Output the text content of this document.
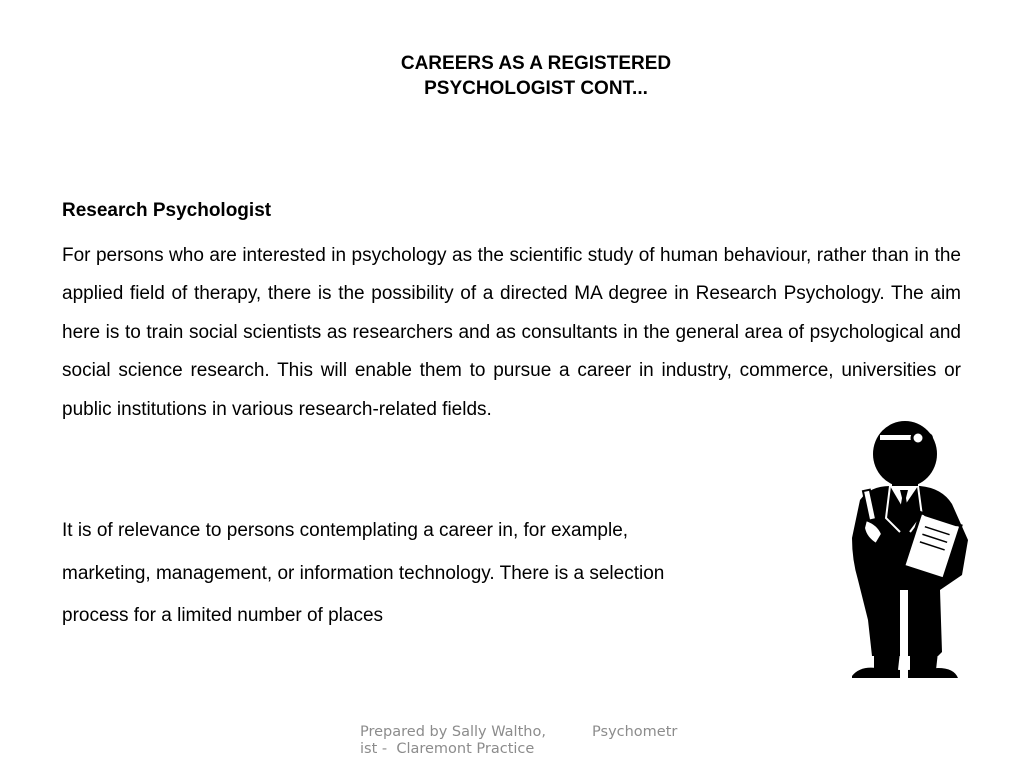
CAREERS AS A REGISTERED
PSYCHOLOGIST CONT...
Research Psychologist

For persons who are interested in psychology as the scientific study of human behaviour, rather than in the applied field of therapy, there is the possibility of a directed MA degree in Research Psychology. The aim here is to train social scientists as researchers and as consultants in the general area of psychological and social science research. This will enable them to pursue a career in industry, commerce, universities or public institutions in various research-related fields.

It is of relevance to persons contemplating a career in, for example,
marketing, management, or information technology. There is a selection
process for a limited number of places
Prepared by Sally Waltho,          Psychometr
ist -  Claremont Practice
